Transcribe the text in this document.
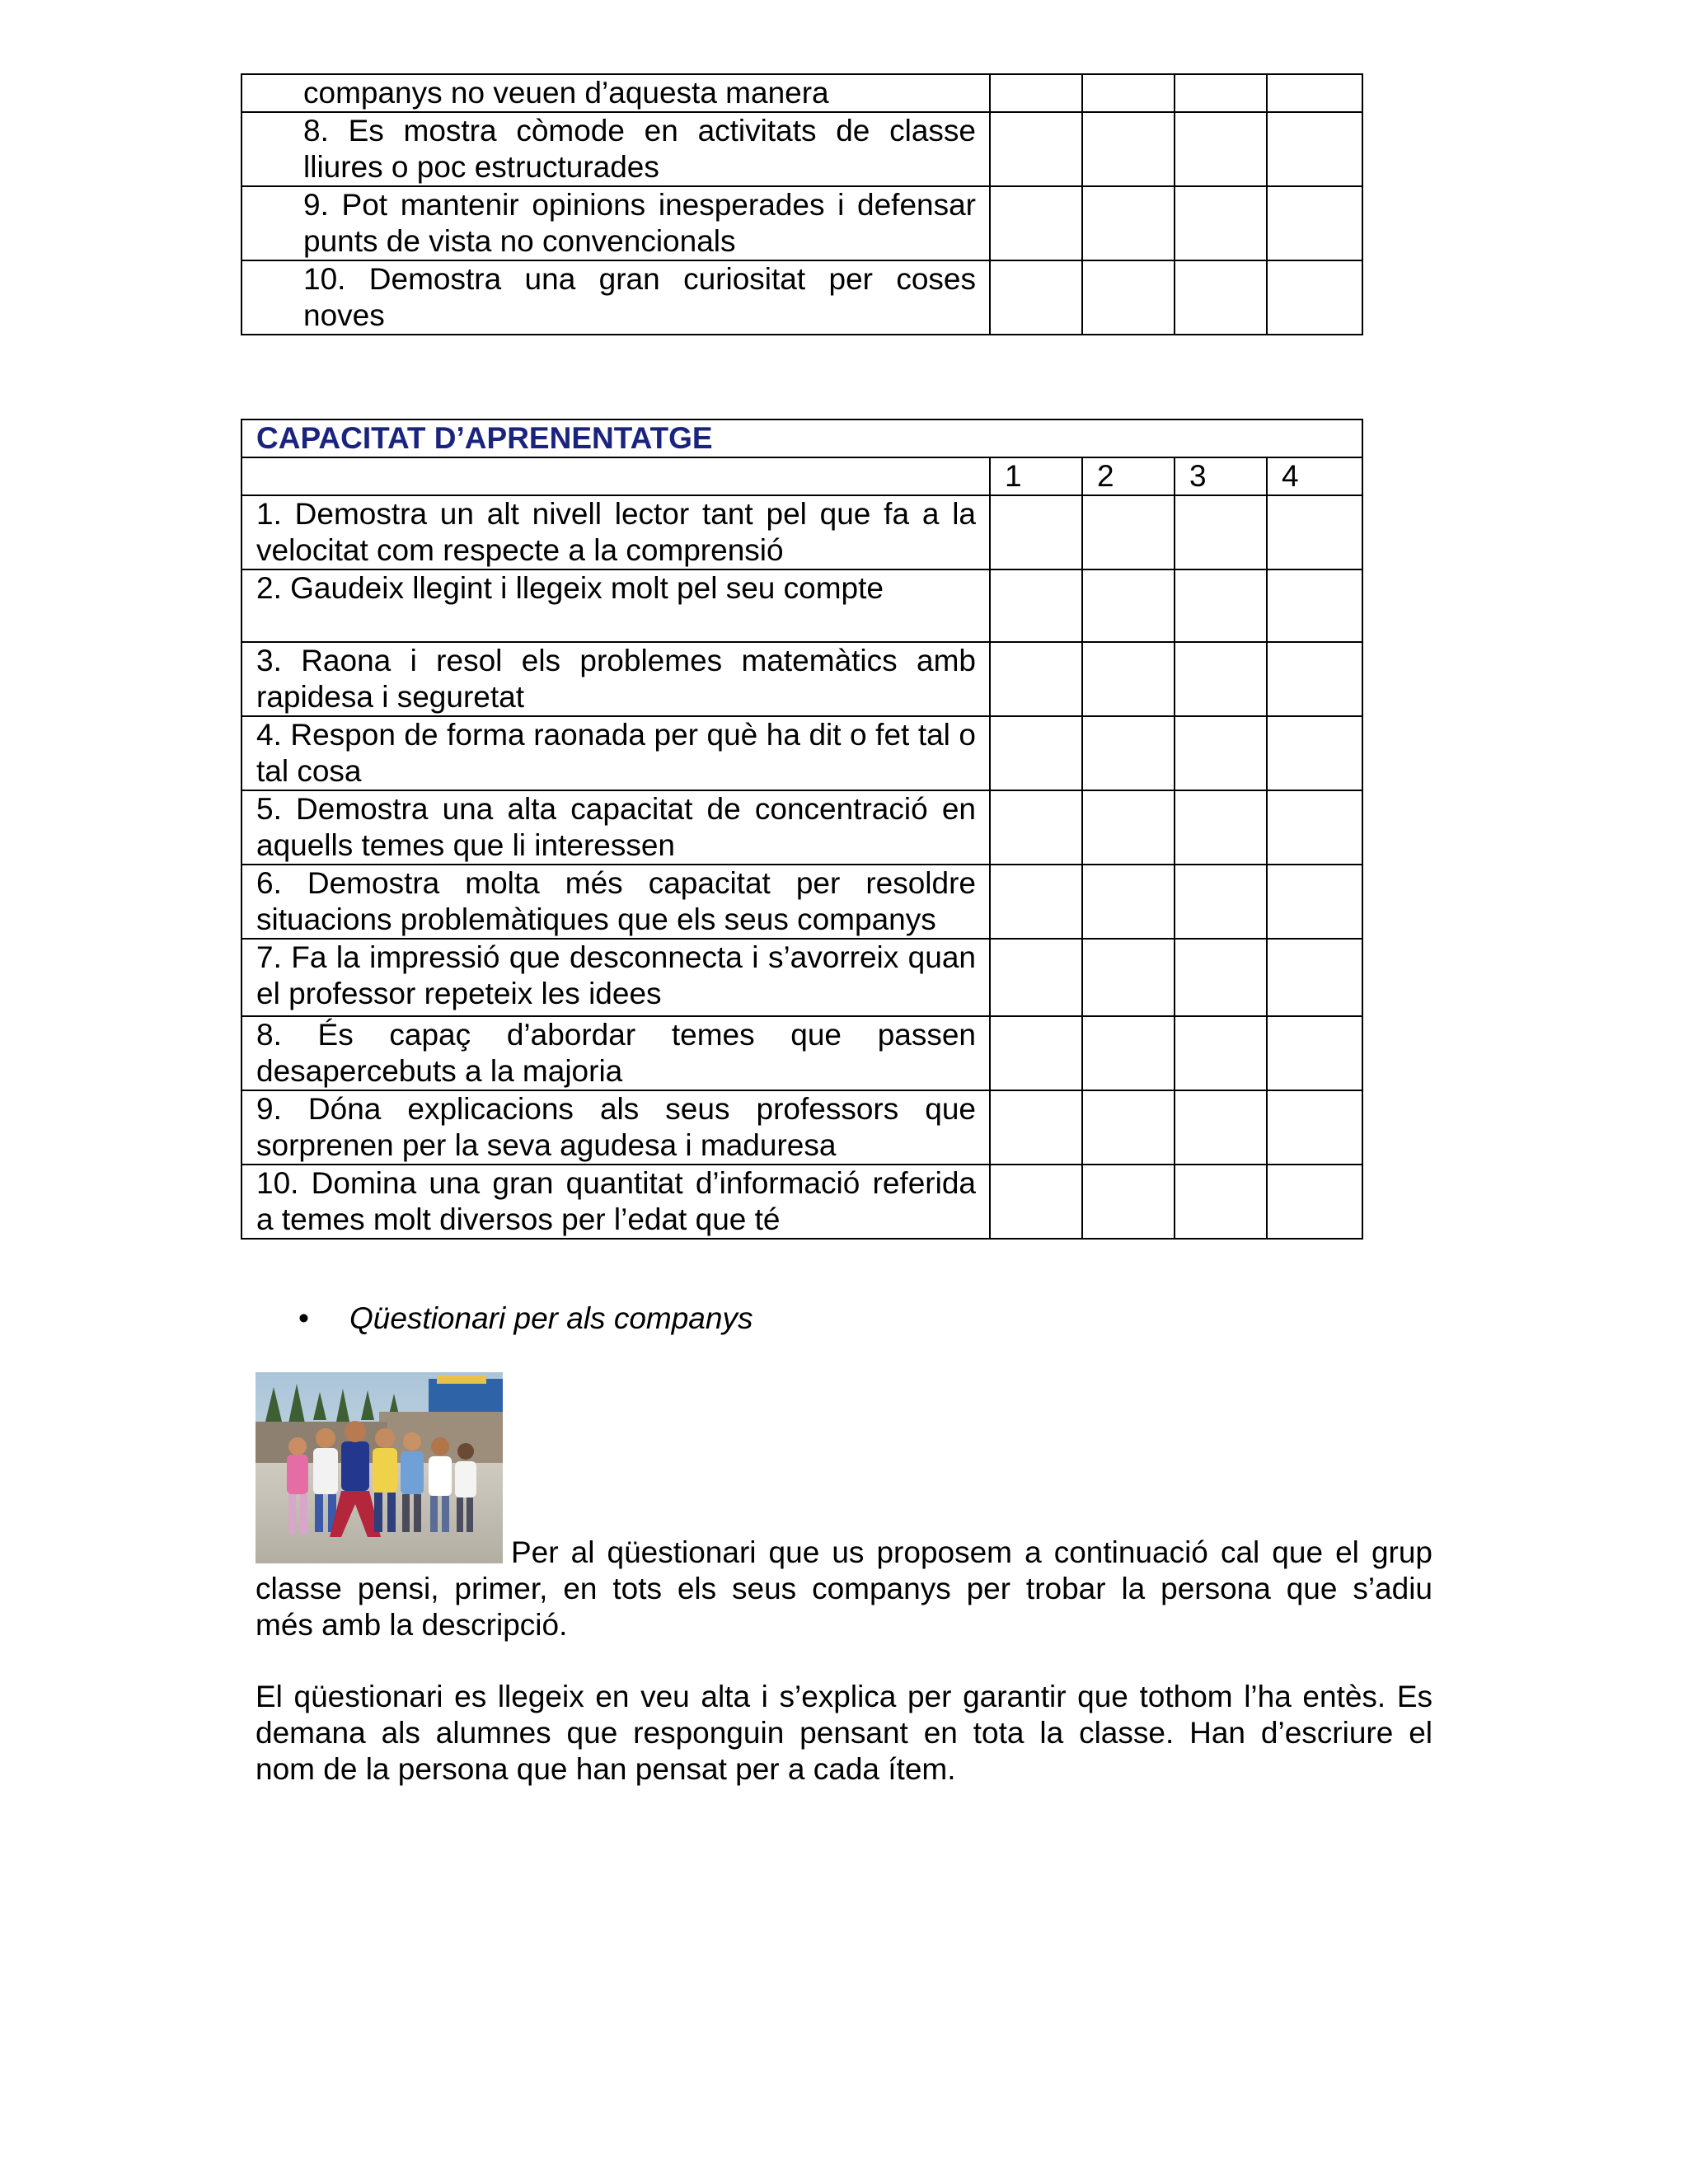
companys no veuen d’aquesta manera				
8. Es mostra còmode en activitats de classe lliures o poc estructurades				
9. Pot mantenir opinions inesperades i defensar punts de vista no convencionals				
10. Demostra una gran curiositat per coses noves				
CAPACITAT D’APRENENTATGE				
	1	2	3	4
1. Demostra un alt nivell lector tant pel que fa a la velocitat com respecte a la comprensió				
2. Gaudeix llegint i llegeix molt pel seu compte				
3. Raona i resol els problemes matemàtics amb rapidesa i seguretat				
4. Respon de forma raonada per què ha dit o fet tal o tal cosa				
5. Demostra una alta capacitat de concentració en aquells temes que li interessen				
6. Demostra molta més capacitat per resoldre situacions problemàtiques que els seus companys				
7. Fa la impressió que desconnecta i s’avorreix quan el professor repeteix les idees				
8. És capaç d’abordar temes que passen desapercebuts a la majoria				
9. Dóna explicacions als seus professors que sorprenen per la seva agudesa i maduresa				
10. Domina una gran quantitat d’informació referida a temes molt diversos per l’edat que té				
• Qüestionari per als companys
Per al qüestionari que us proposem a continuació cal que el grup
classe pensi, primer, en tots els seus companys per trobar la persona que s’adiu
més amb la descripció.
El qüestionari es llegeix en veu alta i s’explica per garantir que tothom l’ha entès. Es
demana als alumnes que responguin pensant en tota la classe. Han d’escriure el
nom de la persona que han pensat per a cada ítem.
